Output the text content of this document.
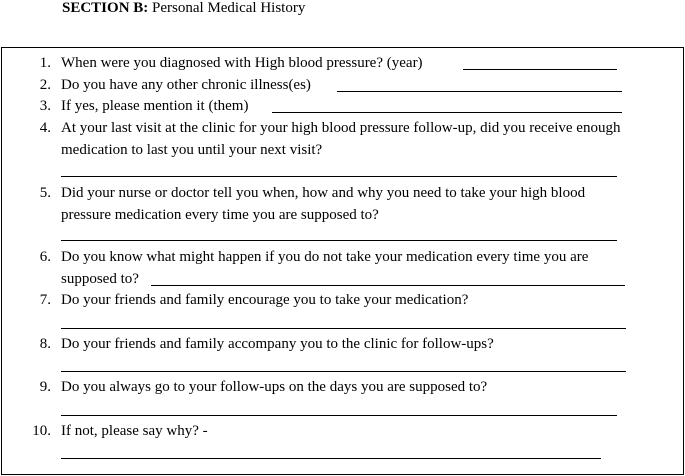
SECTION B: Personal Medical History
1. When were you diagnosed with High blood pressure? (year)
2. Do you have any other chronic illness(es)
3. If yes, please mention it (them)
4. At your last visit at the clinic for your high blood pressure follow-up, did you receive enough
medication to last you until your next visit?
5. Did your nurse or doctor tell you when, how and why you need to take your high blood
pressure medication every time you are supposed to?
6. Do you know what might happen if you do not take your medication every time you are
supposed to?
7. Do your friends and family encourage you to take your medication?
8. Do your friends and family accompany you to the clinic for follow-ups?
9. Do you always go to your follow-ups on the days you are supposed to?
10. If not, please say why? -
